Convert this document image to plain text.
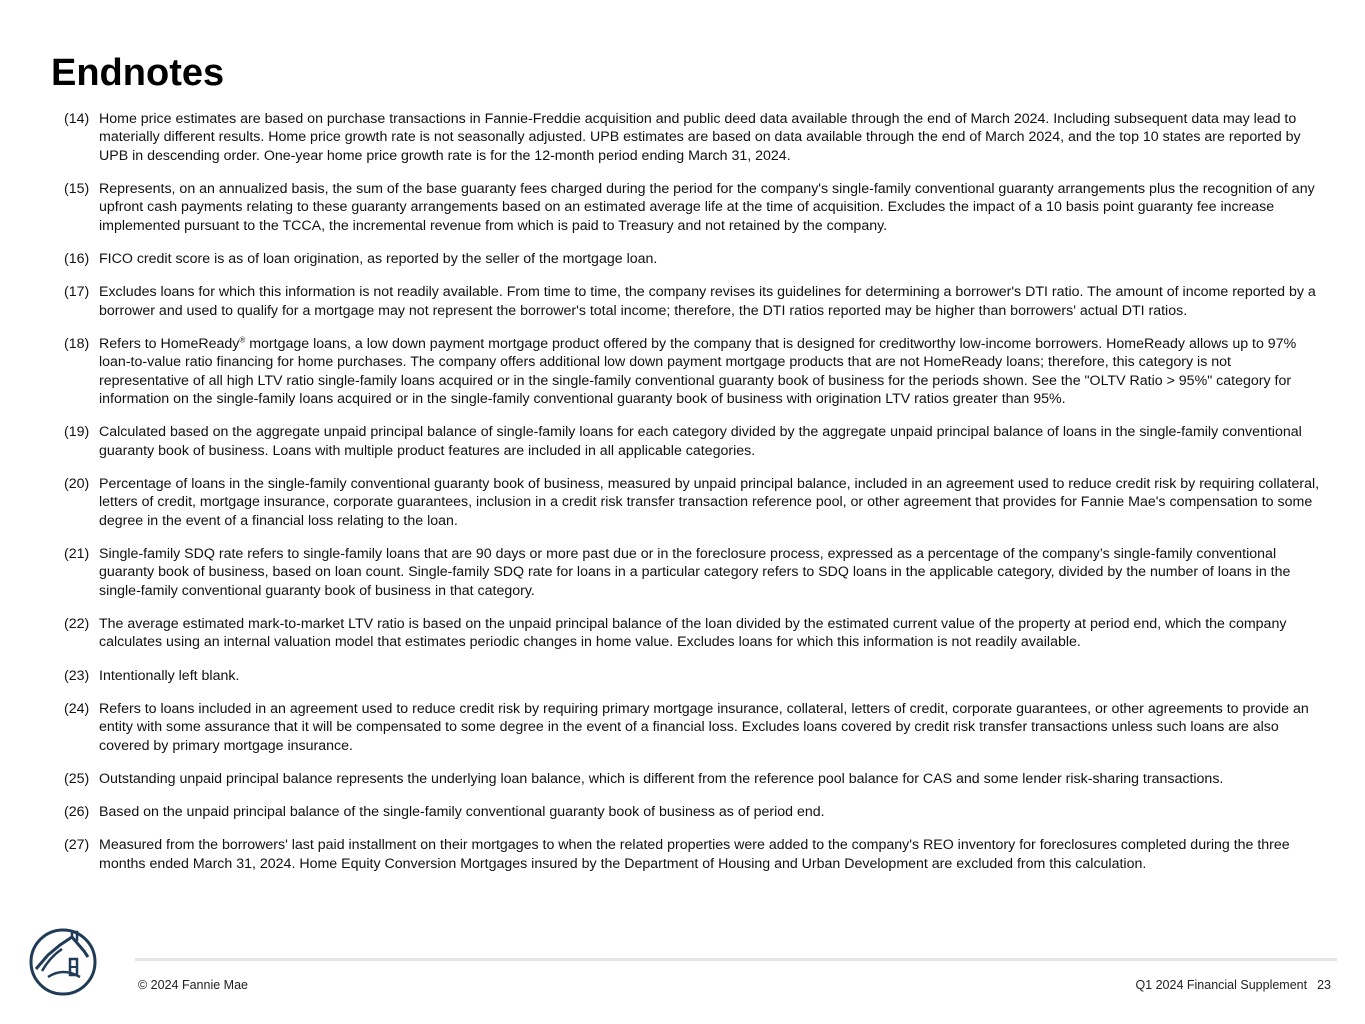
Endnotes
(14) Home price estimates are based on purchase transactions in Fannie-Freddie acquisition and public deed data available through the end of March 2024. Including subsequent data may lead to materially different results. Home price growth rate is not seasonally adjusted. UPB estimates are based on data available through the end of March 2024, and the top 10 states are reported by UPB in descending order. One-year home price growth rate is for the 12-month period ending March 31, 2024.
(15) Represents, on an annualized basis, the sum of the base guaranty fees charged during the period for the company's single-family conventional guaranty arrangements plus the recognition of any upfront cash payments relating to these guaranty arrangements based on an estimated average life at the time of acquisition. Excludes the impact of a 10 basis point guaranty fee increase implemented pursuant to the TCCA, the incremental revenue from which is paid to Treasury and not retained by the company.
(16) FICO credit score is as of loan origination, as reported by the seller of the mortgage loan.
(17) Excludes loans for which this information is not readily available. From time to time, the company revises its guidelines for determining a borrower's DTI ratio. The amount of income reported by a borrower and used to qualify for a mortgage may not represent the borrower's total income; therefore, the DTI ratios reported may be higher than borrowers' actual DTI ratios.
(18) Refers to HomeReady® mortgage loans, a low down payment mortgage product offered by the company that is designed for creditworthy low-income borrowers. HomeReady allows up to 97% loan-to-value ratio financing for home purchases. The company offers additional low down payment mortgage products that are not HomeReady loans; therefore, this category is not representative of all high LTV ratio single-family loans acquired or in the single-family conventional guaranty book of business for the periods shown. See the "OLTV Ratio > 95%" category for information on the single-family loans acquired or in the single-family conventional guaranty book of business with origination LTV ratios greater than 95%.
(19) Calculated based on the aggregate unpaid principal balance of single-family loans for each category divided by the aggregate unpaid principal balance of loans in the single-family conventional guaranty book of business. Loans with multiple product features are included in all applicable categories.
(20) Percentage of loans in the single-family conventional guaranty book of business, measured by unpaid principal balance, included in an agreement used to reduce credit risk by requiring collateral, letters of credit, mortgage insurance, corporate guarantees, inclusion in a credit risk transfer transaction reference pool, or other agreement that provides for Fannie Mae's compensation to some degree in the event of a financial loss relating to the loan.
(21) Single-family SDQ rate refers to single-family loans that are 90 days or more past due or in the foreclosure process, expressed as a percentage of the company’s single-family conventional guaranty book of business, based on loan count. Single-family SDQ rate for loans in a particular category refers to SDQ loans in the applicable category, divided by the number of loans in the single-family conventional guaranty book of business in that category.
(22) The average estimated mark-to-market LTV ratio is based on the unpaid principal balance of the loan divided by the estimated current value of the property at period end, which the company calculates using an internal valuation model that estimates periodic changes in home value. Excludes loans for which this information is not readily available.
(23) Intentionally left blank.
(24) Refers to loans included in an agreement used to reduce credit risk by requiring primary mortgage insurance, collateral, letters of credit, corporate guarantees, or other agreements to provide an entity with some assurance that it will be compensated to some degree in the event of a financial loss. Excludes loans covered by credit risk transfer transactions unless such loans are also covered by primary mortgage insurance.
(25) Outstanding unpaid principal balance represents the underlying loan balance, which is different from the reference pool balance for CAS and some lender risk-sharing transactions.
(26) Based on the unpaid principal balance of the single-family conventional guaranty book of business as of period end.
(27) Measured from the borrowers' last paid installment on their mortgages to when the related properties were added to the company's REO inventory for foreclosures completed during the three months ended March 31, 2024. Home Equity Conversion Mortgages insured by the Department of Housing and Urban Development are excluded from this calculation.
© 2024 Fannie Mae	Q1 2024 Financial Supplement 23
